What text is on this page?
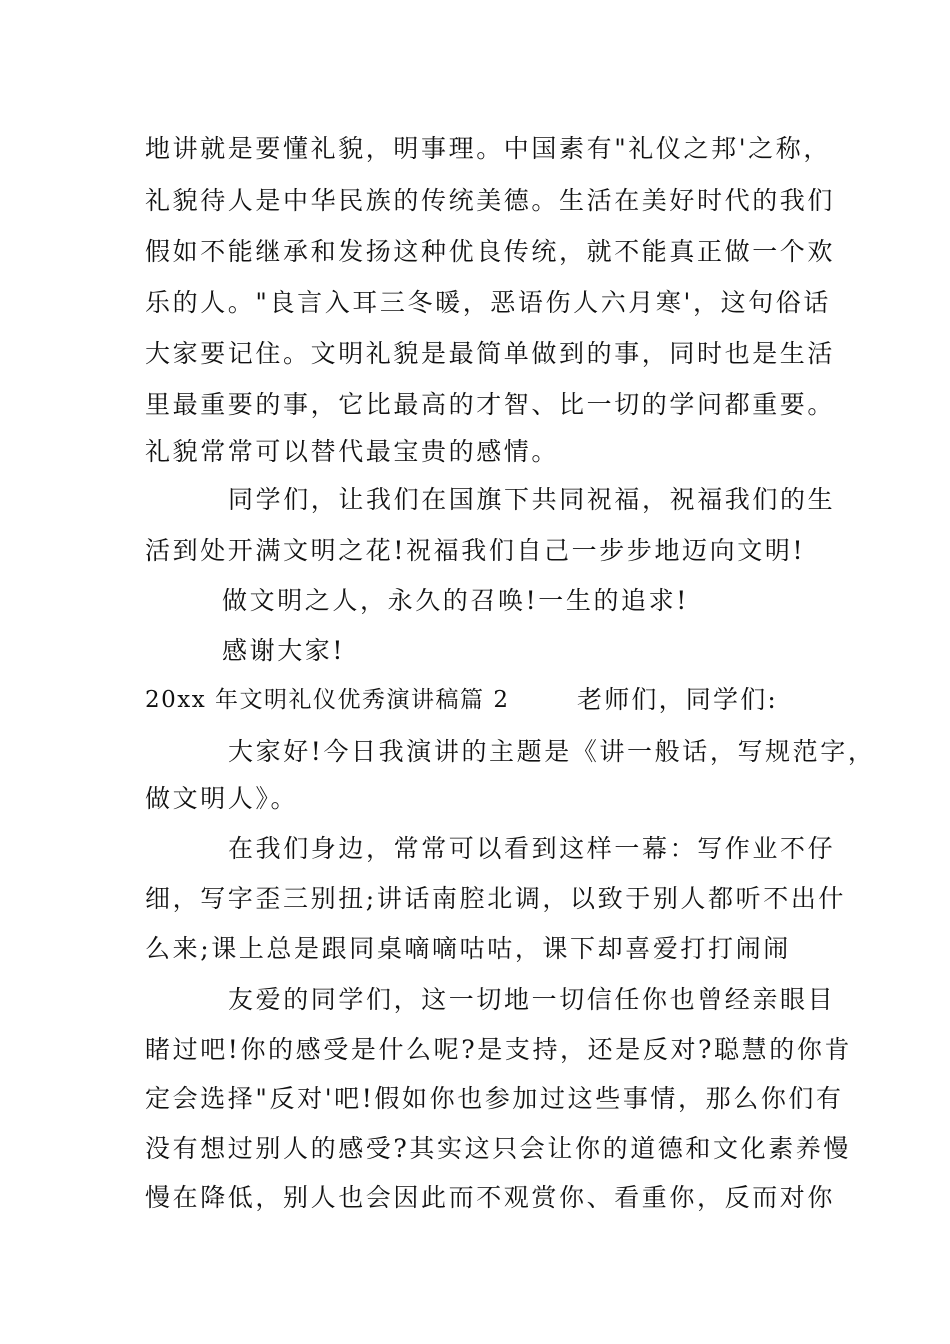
地讲就是要懂礼貌，明事理。中国素有"礼仪之邦'之称，
礼貌待人是中华民族的传统美德。生活在美好时代的我们
假如不能继承和发扬这种优良传统，就不能真正做一个欢
乐的人。"良言入耳三冬暖，恶语伤人六月寒'，这句俗话
大家要记住。文明礼貌是最简单做到的事，同时也是生活
里最重要的事，它比最高的才智、比一切的学问都重要。
礼貌常常可以替代最宝贵的感情。
同学们，让我们在国旗下共同祝福，祝福我们的生
活到处开满文明之花!祝福我们自己一步步地迈向文明!
做文明之人，永久的召唤!一生的追求!
感谢大家!
20xx 年文明礼仪优秀演讲稿篇 2	老师们，同学们:
大家好!今日我演讲的主题是《讲一般话，写规范字，
做文明人》。
在我们身边，常常可以看到这样一幕：写作业不仔
细，写字歪三别扭;讲话南腔北调，以致于别人都听不出什
么来;课上总是跟同桌嘀嘀咕咕，课下却喜爱打打闹闹
友爱的同学们，这一切地一切信任你也曾经亲眼目
睹过吧!你的感受是什么呢?是支持，还是反对?聪慧的你肯
定会选择"反对'吧!假如你也参加过这些事情，那么你们有
没有想过别人的感受?其实这只会让你的道德和文化素养慢
慢在降低，别人也会因此而不观赏你、看重你，反而对你
